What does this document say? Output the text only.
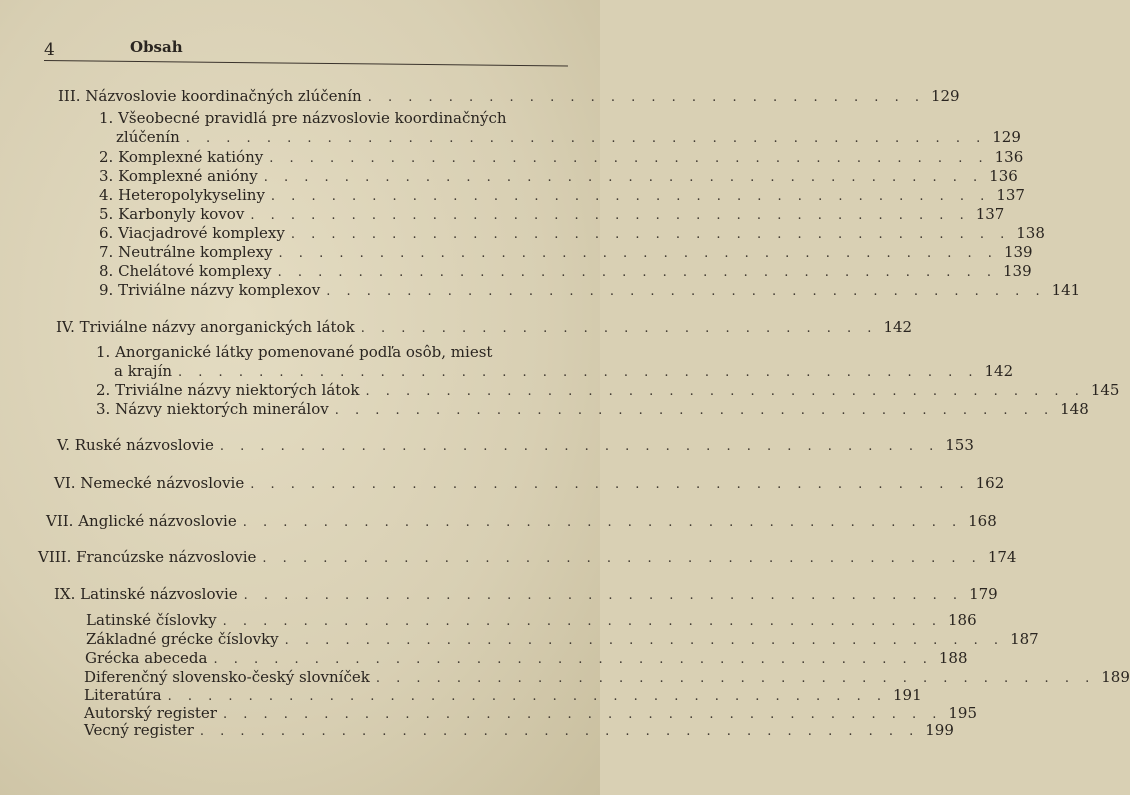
4	Obsah
III. Názvoslovie koordinačných zlúčenín . . . . . . . . . . . . . . . . . . . . . . . . . . . . 129
1. Všeobecné pravidlá pre názvoslovie koordinačných
zlúčenín . . . . . . . . . . . . . . . . . . . . . . . . . . . . . . . . . . . . . . . . 129
2. Komplexné katióny . . . . . . . . . . . . . . . . . . . . . . . . . . . . . . . . . . . . 136
3. Komplexné anióny . . . . . . . . . . . . . . . . . . . . . . . . . . . . . . . . . . . . 136
4. Heteropolykyseliny . . . . . . . . . . . . . . . . . . . . . . . . . . . . . . . . . . . . 137
5. Karbonyly kovov . . . . . . . . . . . . . . . . . . . . . . . . . . . . . . . . . . . . 137
6. Viacjadrové komplexy . . . . . . . . . . . . . . . . . . . . . . . . . . . . . . . . . . . . 138
7. Neutrálne komplexy . . . . . . . . . . . . . . . . . . . . . . . . . . . . . . . . . . . . 139
8. Chelátové komplexy . . . . . . . . . . . . . . . . . . . . . . . . . . . . . . . . . . . . 139
9. Triviálne názvy komplexov . . . . . . . . . . . . . . . . . . . . . . . . . . . . . . . . . . . . 141
IV. Triviálne názvy anorganických látok . . . . . . . . . . . . . . . . . . . . . . . . . . 142
1. Anorganické látky pomenované podľa osôb, miest
a krajín . . . . . . . . . . . . . . . . . . . . . . . . . . . . . . . . . . . . . . . . 142
2. Triviálne názvy niektorých látok . . . . . . . . . . . . . . . . . . . . . . . . . . . . . . . . . . . . 145
3. Názvy niektorých minerálov . . . . . . . . . . . . . . . . . . . . . . . . . . . . . . . . . . . . 148
V. Ruské názvoslovie . . . . . . . . . . . . . . . . . . . . . . . . . . . . . . . . . . . . 153
VI. Nemecké názvoslovie . . . . . . . . . . . . . . . . . . . . . . . . . . . . . . . . . . . . 162
VII. Anglické názvoslovie . . . . . . . . . . . . . . . . . . . . . . . . . . . . . . . . . . . . 168
VIII. Francúzske názvoslovie . . . . . . . . . . . . . . . . . . . . . . . . . . . . . . . . . . . . 174
IX. Latinské názvoslovie . . . . . . . . . . . . . . . . . . . . . . . . . . . . . . . . . . . . 179
Latinské číslovky . . . . . . . . . . . . . . . . . . . . . . . . . . . . . . . . . . . . 186
Základné grécke číslovky . . . . . . . . . . . . . . . . . . . . . . . . . . . . . . . . . . . . 187
Grécka abeceda . . . . . . . . . . . . . . . . . . . . . . . . . . . . . . . . . . . . 188
Diferenčný slovensko-český slovníček . . . . . . . . . . . . . . . . . . . . . . . . . . . . . . . . . . . . 189
Literatúra . . . . . . . . . . . . . . . . . . . . . . . . . . . . . . . . . . . . 191
Autorský register . . . . . . . . . . . . . . . . . . . . . . . . . . . . . . . . . . . . 195
Vecný register . . . . . . . . . . . . . . . . . . . . . . . . . . . . . . . . . . . . 199
